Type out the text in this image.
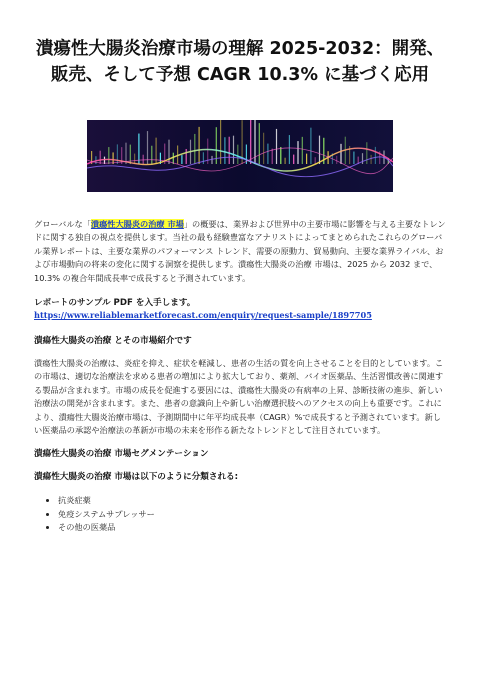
潰瘍性大腸炎治療市場の理解 2025-2032：開発、販売、そして予想 CAGR 10.3% に基づく応用

グローバルな「潰瘍性大腸炎の治療 市場」の概要は、業界および世界中の主要市場に影響を与える主要なトレンドに関する独自の視点を提供します。当社の最も経験豊富なアナリストによってまとめられたこれらのグローバル業界レポートは、主要な業界のパフォーマンス トレンド、需要の原動力、貿易動向、主要な業界ライバル、および市場動向の将来の変化に関する洞察を提供します。潰瘍性大腸炎の治療 市場は、2025 から 2032 まで、10.3% の複合年間成長率で成長すると予測されています。

レポートのサンプル PDF を入手します。
https://www.reliablemarketforecast.com/enquiry/request-sample/1897705
潰瘍性大腸炎の治療 とその市場紹介です

潰瘍性大腸炎の治療は、炎症を抑え、症状を軽減し、患者の生活の質を向上させることを目的としています。この市場は、適切な治療法を求める患者の増加により拡大しており、薬剤、バイオ医薬品、生活習慣改善に関連する製品が含まれます。市場の成長を促進する要因には、潰瘍性大腸炎の有病率の上昇、診断技術の進歩、新しい治療法の開発が含まれます。また、患者の意識向上や新しい治療選択肢へのアクセスの向上も重要です。これにより、潰瘍性大腸炎治療市場は、予測期間中に年平均成長率（CAGR）%で成長すると予測されています。新しい医薬品の承認や治療法の革新が市場の未来を形作る新たなトレンドとして注目されています。

潰瘍性大腸炎の治療 市場セグメンテーション
潰瘍性大腸炎の治療 市場は以下のように分類される:
• 抗炎症薬
• 免疫システムサプレッサー
• その他の医薬品
